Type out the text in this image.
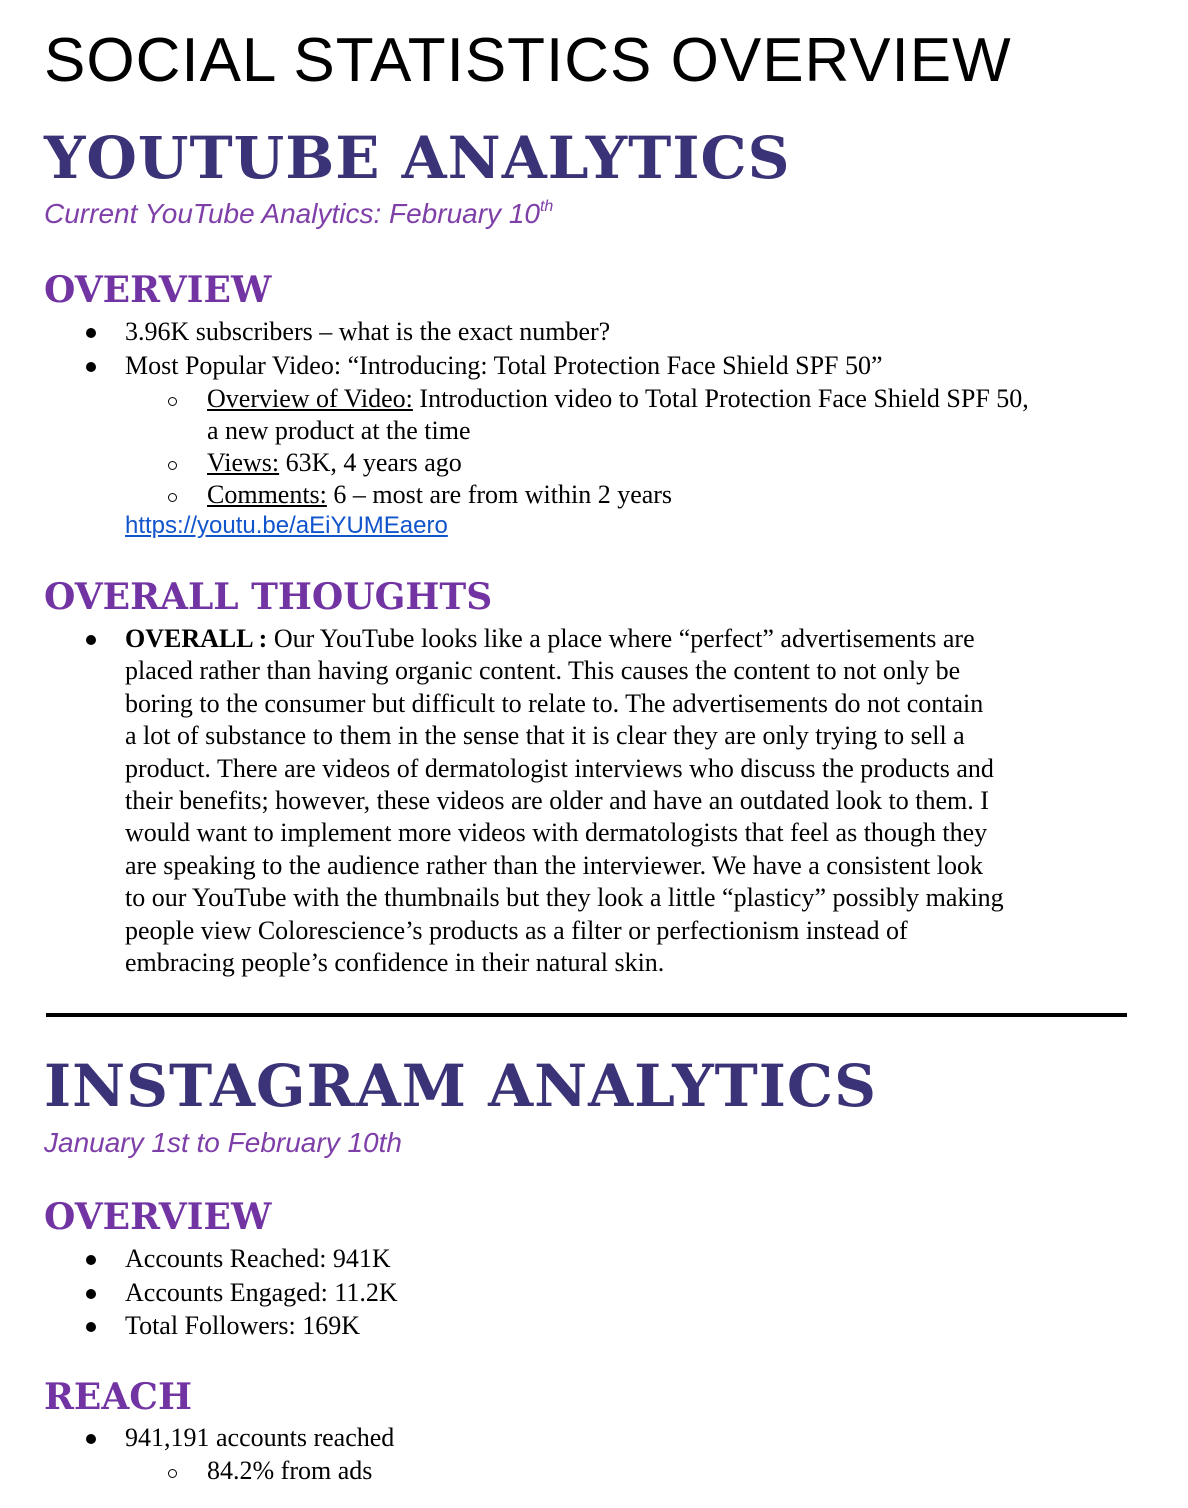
SOCIAL STATISTICS OVERVIEW
YOUTUBE ANALYTICS
Current YouTube Analytics: February 10th
OVERVIEW
3.96K subscribers – what is the exact number?
Most Popular Video: “Introducing: Total Protection Face Shield SPF 50”
Overview of Video: Introduction video to Total Protection Face Shield SPF 50,
a new product at the time
Views: 63K, 4 years ago
Comments: 6 – most are from within 2 years
https://youtu.be/aEiYUMEaero
OVERALL THOUGHTS
OVERALL : Our YouTube looks like a place where “perfect” advertisements are
placed rather than having organic content. This causes the content to not only be
boring to the consumer but difficult to relate to. The advertisements do not contain
a lot of substance to them in the sense that it is clear they are only trying to sell a
product. There are videos of dermatologist interviews who discuss the products and
their benefits; however, these videos are older and have an outdated look to them. I
would want to implement more videos with dermatologists that feel as though they
are speaking to the audience rather than the interviewer. We have a consistent look
to our YouTube with the thumbnails but they look a little “plasticy” possibly making
people view Colorescience’s products as a filter or perfectionism instead of
embracing people’s confidence in their natural skin.
INSTAGRAM ANALYTICS
January 1st to February 10th
OVERVIEW
Accounts Reached: 941K
Accounts Engaged: 11.2K
Total Followers: 169K
REACH
941,191 accounts reached
84.2% from ads
